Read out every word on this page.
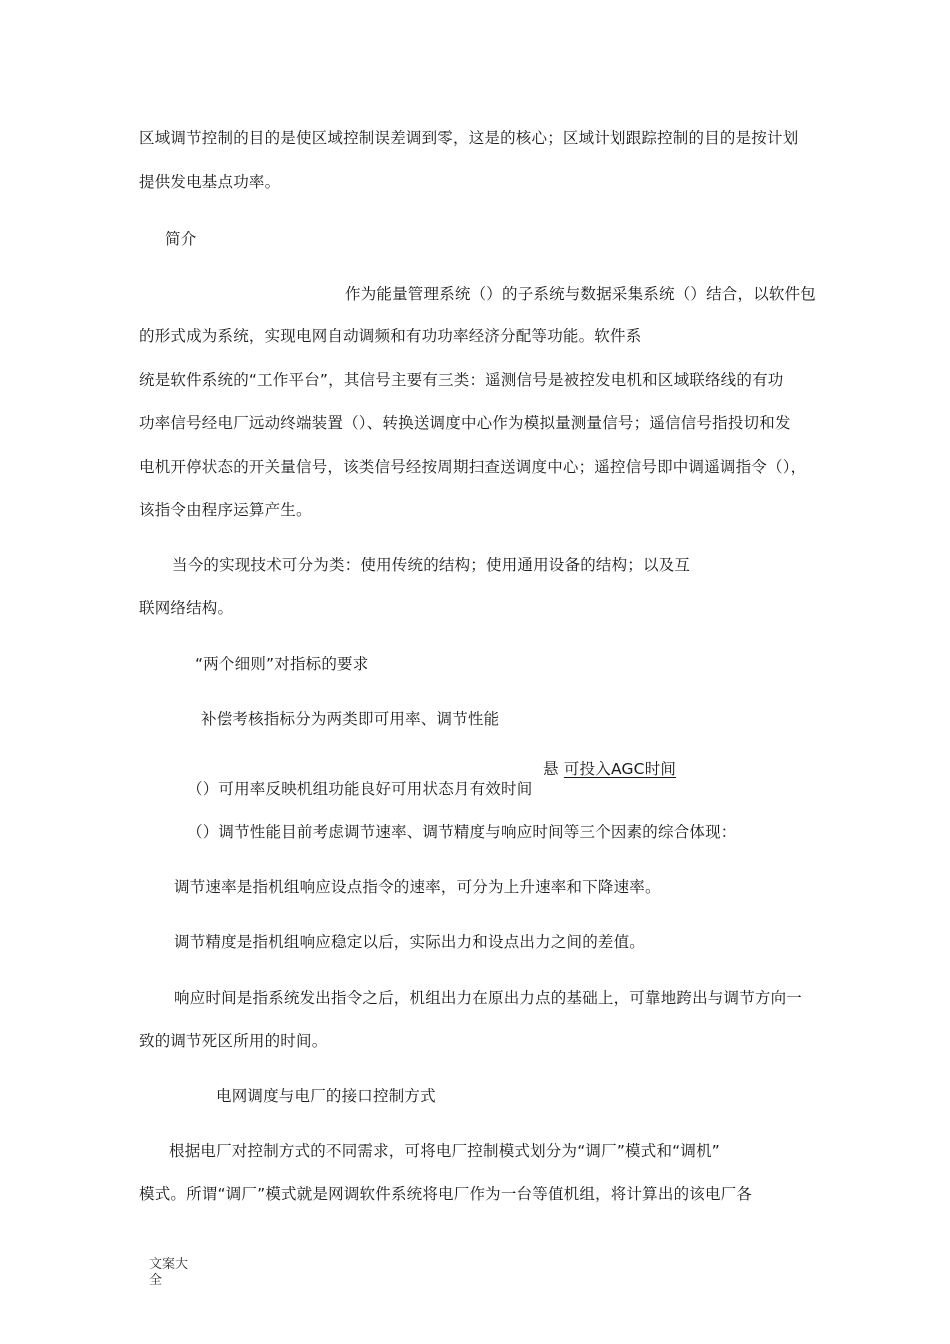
区域调节控制的目的是使区域控制误差调到零，这是的核心；区域计划跟踪控制的目的是按计划
提供发电基点功率。
简介
作为能量管理系统（）的子系统与数据采集系统（）结合，以软件包
的形式成为系统，实现电网自动调频和有功功率经济分配等功能。软件系
统是软件系统的“工作平台”，其信号主要有三类：遥测信号是被控发电机和区域联络线的有功
功率信号经电厂远动终端装置（）、转换送调度中心作为模拟量测量信号；遥信信号指投切和发
电机开停状态的开关量信号，该类信号经按周期扫查送调度中心；遥控信号即中调遥调指令（），
该指令由程序运算产生。
当今的实现技术可分为类：使用传统的结构；使用通用设备的结构；以及互
联网络结构。
“两个细则”对指标的要求
补偿考核指标分为两类即可用率、调节性能
悬 可投入AGC时间
（）可用率反映机组功能良好可用状态月有效时间
（）调节性能目前考虑调节速率、调节精度与响应时间等三个因素的综合体现：
调节速率是指机组响应设点指令的速率，可分为上升速率和下降速率。
调节精度是指机组响应稳定以后，实际出力和设点出力之间的差值。
响应时间是指系统发出指令之后，机组出力在原出力点的基础上，可靠地跨出与调节方向一
致的调节死区所用的时间。
电网调度与电厂的接口控制方式
根据电厂对控制方式的不同需求，可将电厂控制模式划分为“调厂”模式和“调机”
模式。所谓“调厂”模式就是网调软件系统将电厂作为一台等值机组，将计算出的该电厂各
文案大
全
